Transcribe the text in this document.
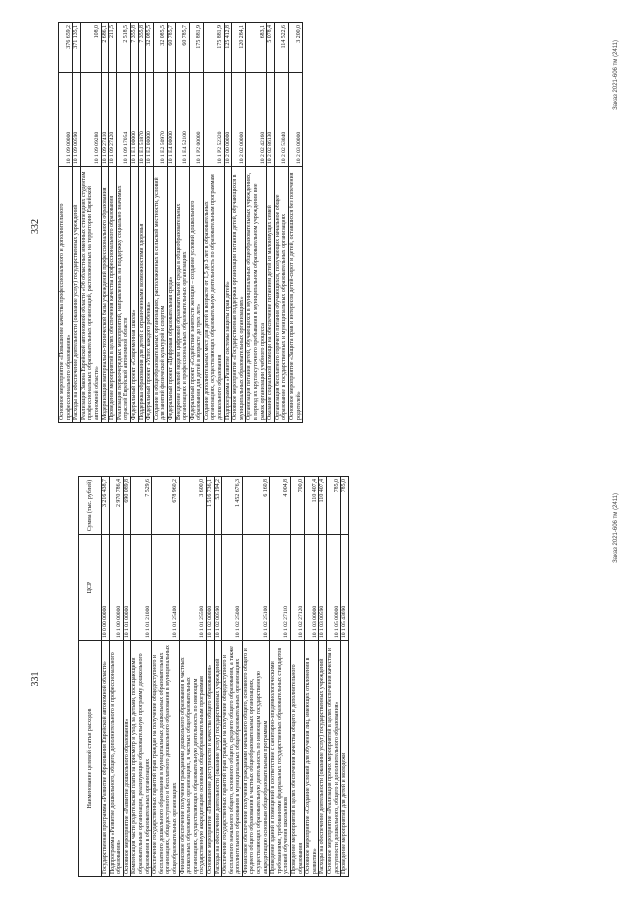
331
Наименование целевой статьи расходов	ЦСР	Сумма (тыс. рублей)
Государственная программа «Развитие образования Еврейской автономной области»	10 0 00 00000	3 216 438,7
Подпрограмма «Развитие дошкольного, общего, дополнительного и профессионального образования»	10 1 00 00000	2 970 786,4
Основное мероприятие «Развитие дошкольного образования»	10 1 01 00000	690 089,8
Компенсация части родительской платы за присмотр и уход за детьми, посещающими образовательные организации, реализующие образовательную программу дошкольного образования в образовательных организациях	10 1 01 21000	7 529,6
Обеспечение государственных гарантий прав граждан на получение общедоступного и бесплатного дошкольного образования в муниципальных дошкольных образовательных организациях, общедоступного и бесплатного дошкольного образования в муниципальных общеобразовательных организациях	10 1 01 25400	678 960,2
Финансовое обеспечение получения гражданами дошкольного образования в частных дошкольных образовательных организациях, в частных общеобразовательных организациях, осуществляющих образовательную деятельность по имеющим государственную аккредитацию основным общеобразовательным программам	10 1 01 25500	3 600,0
Основное мероприятие «Повышение доступности и качества общего образования»	10 1 02 00000	1 516 736,1
Расходы на обеспечение деятельности (оказание услуг) государственных учреждений	10 1 02 00590	53 194,2
Обеспечение государственных гарантий прав граждан на получение общедоступного и бесплатного начального общего, основного общего, среднего общего образования, а также дополнительного образования в муниципальных общеобразовательных организациях	10 1 02 25000	1 452 676,3
Финансовое обеспечение получения гражданами начального общего, основного общего и среднего общего образования в частных общеобразовательных организациях, осуществляющих образовательную деятельность по имеющим государственную аккредитацию основным общеобразовательным программам	10 1 02 25100	6 160,8
Приведение зданий и помещений в соответствие с санитарно-эпидемиологическими требованиями, требованиями федеральных государственных образовательных стандартов условий обучения школьников	10 1 02 27110	4 004,8
Проведение мероприятий в целях обеспечения качества общего и дополнительного образования	10 1 02 27120	700,0
Основное мероприятие «Создание условий для обучения лиц, имеющих отклонения в развитии»	10 1 03 00000	110 407,4
Расходы на обеспечение деятельности (оказание услуг) государственных учреждений	10 1 03 00590	110 407,4
Основное мероприятие «Реализация прочих мероприятий в целях обеспечения качества и доступности дошкольного, общего и дополнительного образования»	10 1 05 00000	785,0
Проведение мероприятий для детей и молодежи	10 1 05 43690	785,0
Заказ 2021-606 тм (2411)
332	Основное мероприятие «Повышение качества профессионального и дополнительного профессионального образования»	10 1 09 00000	376 659,2
Расходы на обеспечение деятельности (оказание услуг) государственных учреждений	10 1 09 00590	371 135,1
Реализация Закона Еврейской автономной области «Об областных именных стипендиях студентам профессиональных образовательных организаций, расположенных на территории Еврейской автономной области»	10 1 09 09280	108,0
Модернизация материально-технической базы учреждений профессионального образования	10 1 09 27410	2 686,1
Проведение мероприятий в целях обеспечения качества профессионального образования	10 1 09 27420	211,5
Реализация первоочередных мероприятий, направленных на поддержку социально значимых отраслей Еврейской автономной области	10 1 09 17054	2 518,5
Федеральный проект «Современная школа»	10 1 E1 00000	7 355,8
Поддержка образования для детей с ограниченными возможностями здоровья	10 1 E1 51870	7 355,8
Федеральный проект «Успех каждого ребенка»	10 1 E2 00000	32 085,5
Создание в общеобразовательных организациях, расположенных в сельской местности, условий для занятий физической культурой и спортом	10 1 E2 50970	32 085,5
Федеральный проект «Цифровая образовательная среда»	10 1 E4 00000	60 785,7
Внедрение целевой модели цифровой образовательной среды в общеобразовательных организациях и профессиональных образовательных организациях	10 1 E4 52100	60 785,7
Федеральный проект «Содействие занятости женщин – создание условий дошкольного образования для детей в возрасте до трех лет»	10 1 P2 00000	175 881,9
Создание дополнительных мест для детей в возрасте от 1,5 до 3 лет в образовательных организациях, осуществляющих образовательную деятельность по образовательным программам дошкольного образования	10 1 P2 52320	175 881,9
Подпрограмма «Развитие системы защиты прав детей»	10 2 00 00000	125 412,8
Основное мероприятие «Государственная поддержка организации питания детей, обучающихся в муниципальных образовательных организациях»	10 2 02 00000	120 284,1
Организация питания детей, обучающихся в муниципальных общеобразовательных учреждениях, в период их круглосуточного пребывания в муниципальном образовательном учреждении вне рамок организации учебного процесса	10 2 02 42160	683,1
Оказание социальной помощи на обеспечение питанием детей из малоимущих семей	10 2 02 86130	5 078,4
Организация бесплатного горячего питания обучающихся, получающих начальное общее образование в государственных и муниципальных образовательных организациях	10 2 02 53040	114 522,6
Основное мероприятие «Защита прав и интересов детей-сирот и детей, оставшихся без попечения родителей»	10 2 03 00000	3 200,0
Заказ 2021-606 тм (2411)
